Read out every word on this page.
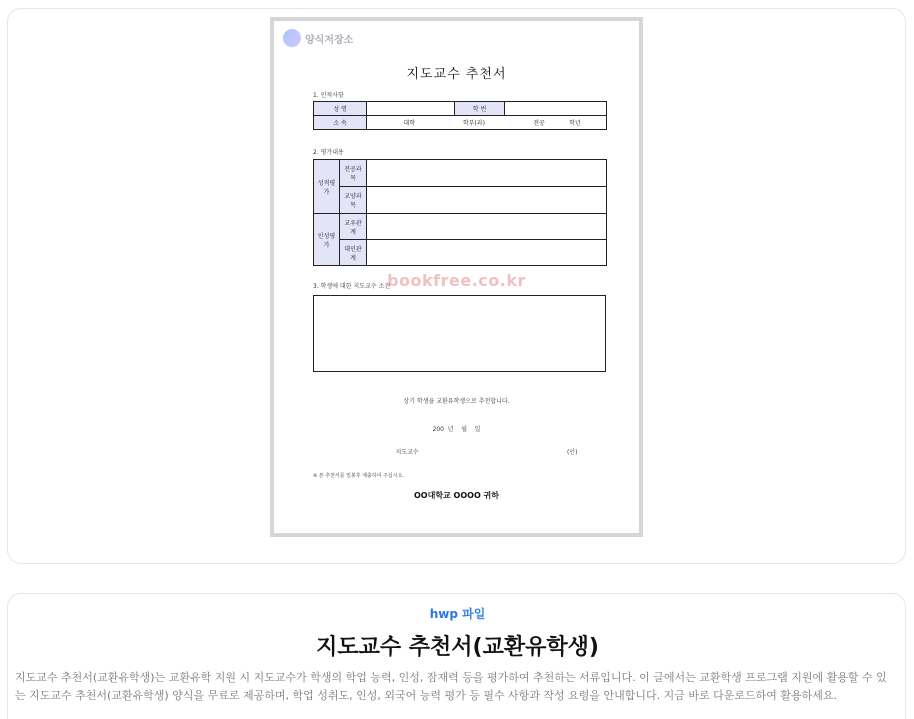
양식저장소
지도교수 추천서
1. 인적사항
성 명		학 번	
소 속	대학 학부(과) 전공 학년		
2. 평가내용
성적평가	전공과목	
	교양과목	
인성평가	교우관계	
	대인관계	
3. 학생에 대한 지도교수 소견
bookfree.co.kr
상기 학생을 교환유학생으로 추천합니다.
200  년    월    일
지도교수	(인)
※ 본 추천서를 밀봉후 제출하여 주십시오.
OO대학교 OOOO 귀하
hwp 파일
지도교수 추천서(교환유학생)
지도교수 추천서(교환유학생)는 교환유학 지원 시 지도교수가 학생의 학업 능력, 인성, 잠재력 등을 평가하여 추천하는 서류입니다. 이 글에서는 교환학생 프로그램 지원에 활용할 수 있는 지도교수 추천서(교환유학생) 양식을 무료로 제공하며, 학업 성취도, 인성, 외국어 능력 평가 등 필수 사항과 작성 요령을 안내합니다. 지금 바로 다운로드하여 활용하세요.
